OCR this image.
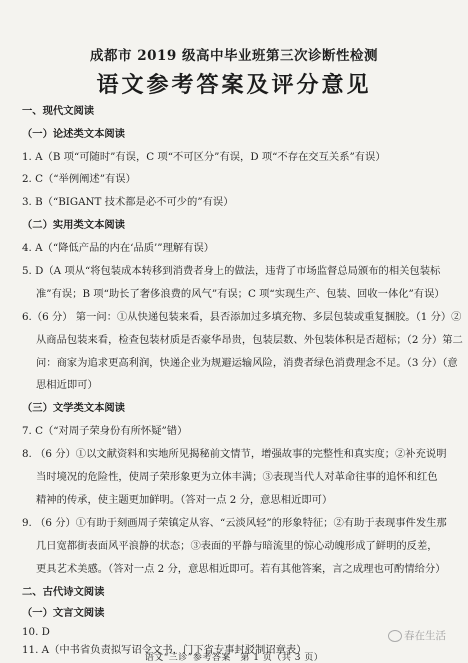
成都市 2019 级高中毕业班第三次诊断性检测
语文参考答案及评分意见
一、现代文阅读
（一）论述类文本阅读
1. A（B 项“可随时”有误，C 项“不可区分”有误，D 项“不存在交互关系”有误）
2. C（“举例阐述”有误）
3. B（“BIGANT 技术都是必不可少的”有误）
（二）实用类文本阅读
4. A（“降低产品的内在‘品质’”理解有误）
5. D（A 项从“将包装成本转移到消费者身上的做法，违背了市场监督总局颁布的相关包装标
准”有误；B 项“助长了奢侈浪费的风气”有误；C 项“实现生产、包装、回收一体化”有误）
6.（6 分） 第一问：①从快递包装来看，县否添加过多填充物、多层包装或重复捆胶。（1 分）②
从商品包装来看，检查包装材质是否豪华昂贵，包装层数、外包装体积是否超标；（2 分）第二
问：商家为追求更高利润，快递企业为规避运输风险，消费者绿色消费理念不足。（3 分）（意
思相近即可）
（三）文学类文本阅读
7. C（“对周子荣身份有所怀疑”错）
8. （6 分）①以文献资料和实地所见揭秘前文情节，增强故事的完整性和真实度；②补充说明
当时境况的危险性，使周子荣形象更为立体丰满；③表现当代人对革命往事的追怀和红色
精神的传承，使主题更加鲜明。（答对一点 2 分，意思相近即可）
9. （6 分）①有助于刻画周子荣镇定从容、“云淡风轻”的形象特征；②有助于表现事件发生那
几日宽都街表面风平浪静的状态；③表面的平静与暗流里的惊心动魄形成了鲜明的反差，
更具艺术美感。（答对一点 2 分，意思相近即可。若有其他答案，言之成理也可酌情给分）
二、古代诗文阅读
（一）文言文阅读
10. D
11. A（中书省负责拟写诏令文书，门下省专事封驳制诏章表）
语文“三诊”参考答案　第 1 页（共 3 页）
春在生活
